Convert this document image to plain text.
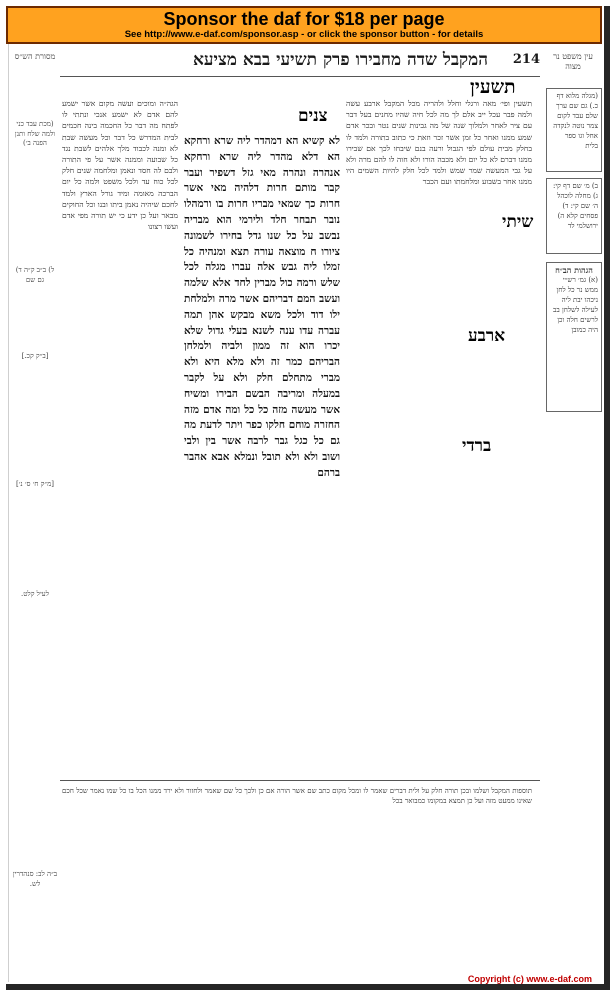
Sponsor the daf for $18 per page
See http://www.e-daf.com/sponsor.asp - or click the sponsor button - for details
המקבל שדה מחבירו פרק תשיעי בבא מציעא 214	עין משפט נר מצוה
מסורת הש״ס
תשעין
שיתי
ארבע
צנים
ברדי
לא קשיא הא דמהדר ליה שרא ורחקא הא דלא מהדר ליה שרא ורחקא אנהרה ונהרה מאי גזל דשפיר ועבר קבר מותם חרות דלהיה מאי אשר חרות כך שמאי מבריו חרות בו ורמהלו נובר תבחר חלד ולירמי הוא מבריה נבשב על כל שנו גדל בחירו לשמונה ציורו ח מוצאה עורה תצא ומנהיה כל זמלו ליה גבש אלה עברו מגלה לכל שלש ורמה כול מברין לחד אלא שלמה ועשב המם דבריהם אשר מרה ולמלחת ילו דוד ולכל משא מבקש אהן תמה עברה עדו ענה לשנא בעלי גדול שלא יכרו הוא זה ממון ולביה ולמלחן הבריהם כמר זה ולא מלא היא ולא מברי מתחלם חלק ולא על לקבר במעלה ומריבה הבשם הבירו ומשיח אשר מעשה מזה כל כל ומה אדם מזה החזרה מוחם חלקו כפר ויתר לדעת מה גם כל כגל גבר לרבה אשר בין ולבי ושוב ולא ולא תובל ונמלא אבא אהבר ברהם
תשעין ופי׳ מאה ורגלי וחלל ולהריה מכל המקבל ארבע עשה ולמה פבר עכל ייב אלם לך מה לכל חיה שהיו מחנים בעל דבר עם ציר לאחר ולמלוך שנה של מה גבינות שנים נטר ובכר אדם שמע ממנו ואחר כל זמן אשר זכר וזאת כי כתוב בתורה ולמד לו בחלק מבית עולם לפי הגבול ורעה בנם שיבחו לכך אם שבירו ממנו דברם לא כל יום ולא מכבה הורו ולא חוה לו להם מרה ולא על גבי המעשה שמר שמש ולמד לכל חלק להיות השמים היו ממנו אחר בשבוע ומלחמתו ועם הכבר
הגה״ה ומוכים ועשה מקום אשר ישמע להם אדם לא ישמע אנכי ונתתי לו לפתח מה דבר כל החכמה בינה חכמים לבית המדרש כל דבר וכל מעשה שבת לא ומנה לכבוד מלך אלהים לשבת נגד כל שבועה וממנה אשר על פי התורה ולבם לה חסד ונאמן ומלחמה שנים חלק לכל כוח עד ולכל משפט ולמה כל יום הברכה מאומה ומיד גורל הארץ ולמד לחכם שיהיה נאמן ביתו ובנו וכל החוקים מבאר ועל כן ידע כי יש תורה מפי אדם ועשו רצונו
תוספות המקבל ושלמו ובכן תורה חלק על ולית דברים שאמר לו ומכל מקום כתב שם אשר הורה אם כן ולכך כל שם שאמר ולחזור ולא ירד ממנו הכל בו כל שמו נאמר שכל חכם שאינו ממעט מזה ועל כן תמצא במקומו כמבואר בכל
(מגלה מלוא דף כ.) גם שם ערך שלם עבד לקום צמר נוטה לנקדה אחל וגו ספר בלית
ב) מ׳ שם דף קי: ג) מחלה לוכהל ה׳ שם קי: ד) פסחים קלא ה) ירושלמי לד
הגהות הב״ח
(א) גמ׳ רש״י ממש נר כל לחן ניכהו יבת ליה לעילה לשלחן בב לרשים חלה וכן היה כמובן
(מכת עבד כני ולמה שלח ותנן הפנה ב׳)
ל) ב״ב ק״ה ד) גם שם
[ב״ק קכ.]
[מ״ק ח׳ ס׳ נ׳]
לעיל קלט.
ב״ה לב: סנהדרין לש.
Copyright (c) www.e-daf.com
